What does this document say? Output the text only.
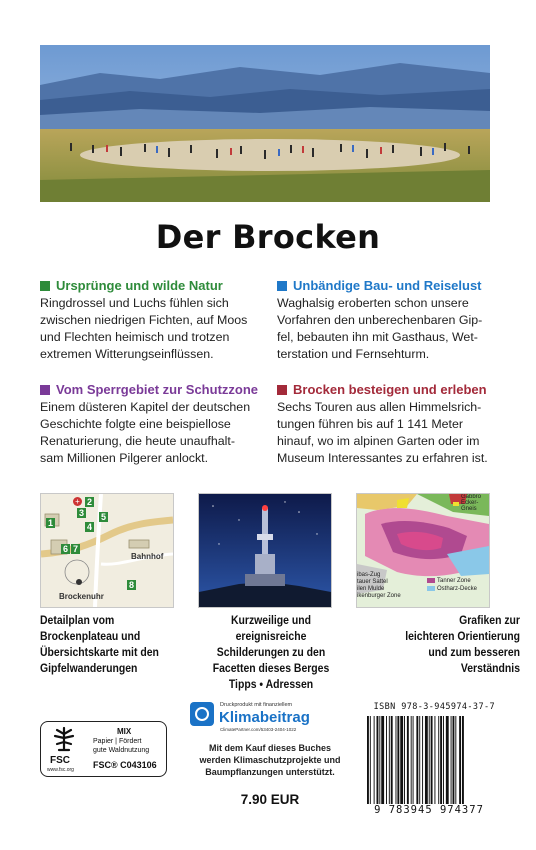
Der Brocken
Ursprünge und wilde Natur
Ringdrossel und Luchs fühlen sich
zwischen niedrigen Fichten, auf Moos
und Flechten heimisch und trotzen
extremen Witterungseinflüssen.
Unbändige Bau- und Reiselust
Waghalsig eroberten schon unsere
Vorfahren den unberechenbaren Gip-
fel, bebauten ihn mit Gasthaus, Wet-
terstation und Fernsehturm.
Vom Sperrgebiet zur Schutzzone
Einem düsteren Kapitel der deutschen
Geschichte folgte eine beispiellose
Renaturierung, die heute unaufhalt-
sam Millionen Pilgerer anlockt.
Brocken besteigen und erleben
Sechs Touren aus allen Himmelsrich-
tungen führen bis auf 1 141 Meter
hinauf, wo im alpinen Garten oder im
Museum Interessantes zu erfahren ist.
1
2
3
4
5
6 7
8
+
Bahnhof
Brockenuhr
Gabbro
Ecker-Gneis
ibas-Zug
tauer Sattel
ilen Mulde
ikenburger Zone
Tanner Zone
Ostharz-Decke
Detailplan vom
Brockenplateau und
Übersichtskarte mit den
Gipfelwanderungen
Kurzweilige und ereignisreiche
Schilderungen zu den
Facetten dieses Berges
Tipps • Adressen
Grafiken zur
leichteren Orientierung
und zum besseren
Verständnis
FSC
www.fsc.org
MIX
Papier | Fördert
gute Waldnutzung
FSC® C043106
Druckprodukt mit finanziellem
Klimabeitrag
ClimatePartner.com/53403-2404-1022
Mit dem Kauf dieses Buches
werden Klimaschutzprojekte und
Baumpflanzungen unterstützt.
7.90 EUR
ISBN 978-3-945974-37-7
9 783945 974377
